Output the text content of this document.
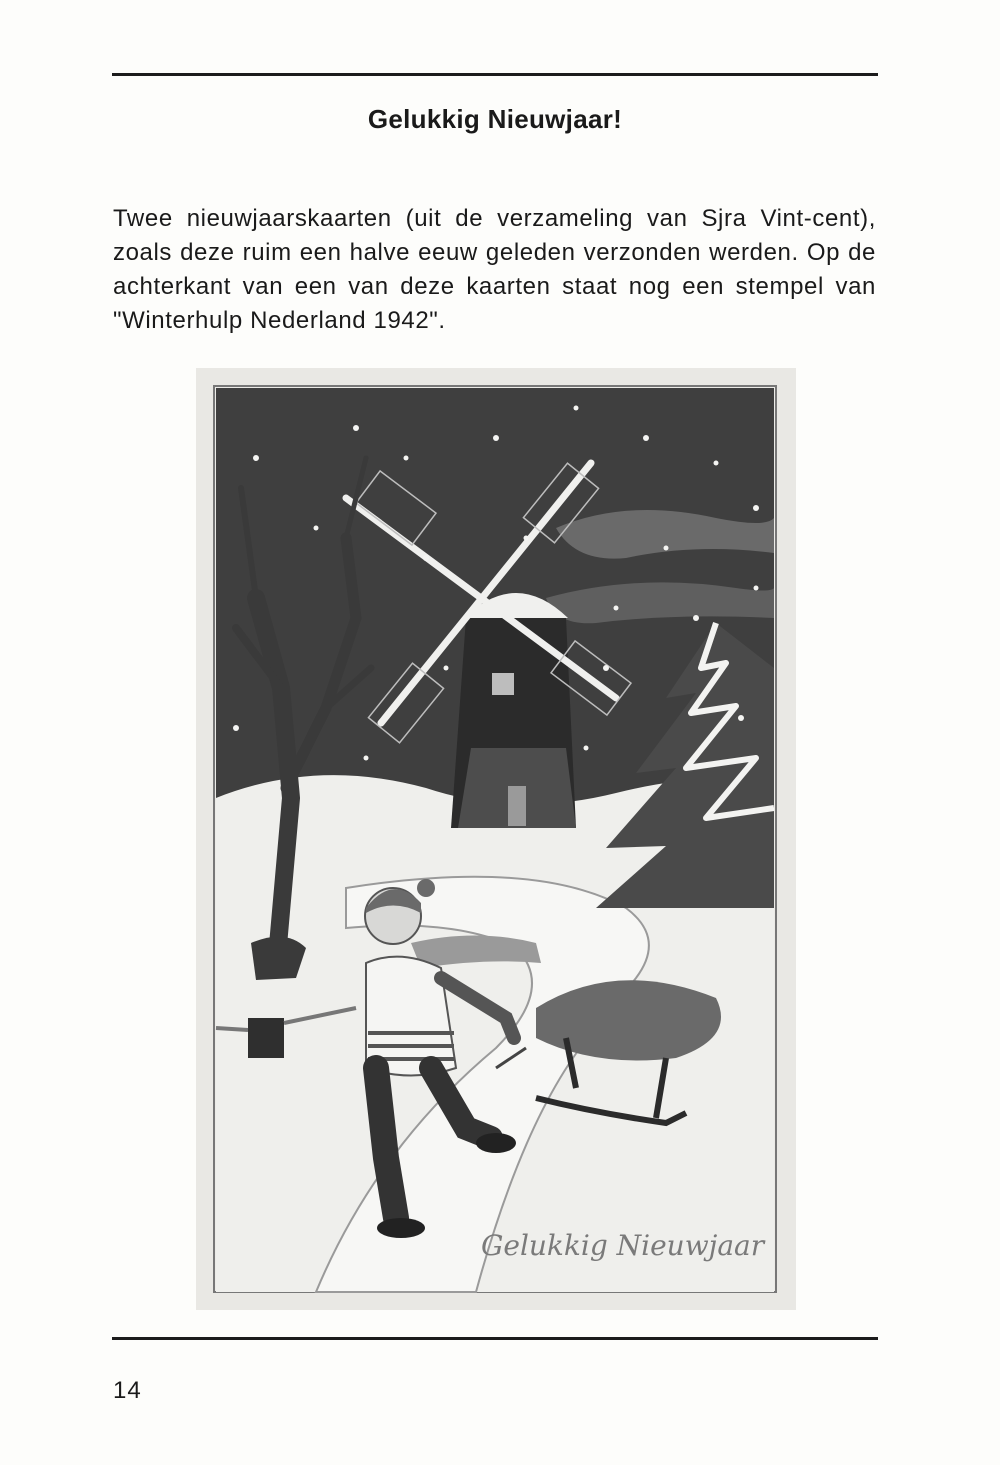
Gelukkig Nieuwjaar!

Twee nieuwjaarskaarten (uit de verzameling van Sjra Vint-cent), zoals deze ruim een halve eeuw geleden verzonden werden. Op de achterkant van een van deze kaarten staat nog een stempel van "Winterhulp Nederland 1942".

Gelukkig Nieuwjaar
14
